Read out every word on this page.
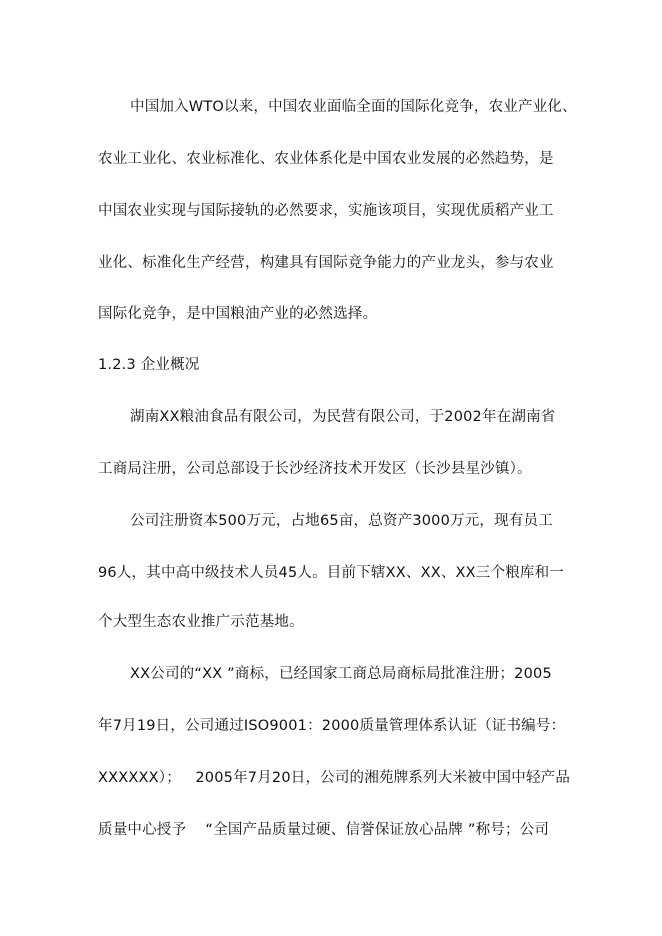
中国加入WTO以来，中国农业面临全面的国际化竞争，农业产业化、
农业工业化、农业标准化、农业体系化是中国农业发展的必然趋势，是
中国农业实现与国际接轨的必然要求，实施该项目，实现优质稻产业工
业化、标准化生产经营，构建具有国际竞争能力的产业龙头，参与农业
国际化竞争，是中国粮油产业的必然选择。
1.2.3 企业概况
湖南XX粮油食品有限公司，为民营有限公司，于2002年在湖南省
工商局注册，公司总部设于长沙经济技术开发区（长沙县星沙镇）。
公司注册资本500万元，占地65亩，总资产3000万元，现有员工
96人，其中高中级技术人员45人。目前下辖XX、XX、XX三个粮库和一
个大型生态农业推广示范基地。
XX公司的“XX ”商标，已经国家工商总局商标局批准注册；2005
年7月19日，公司通过ISO9001：2000质量管理体系认证（证书编号：
XXXXXX）；   2005年7月20日，公司的湘苑牌系列大米被中国中轻产品
质量中心授予    “全国产品质量过硬、信誉保证放心品牌 ”称号；公司
